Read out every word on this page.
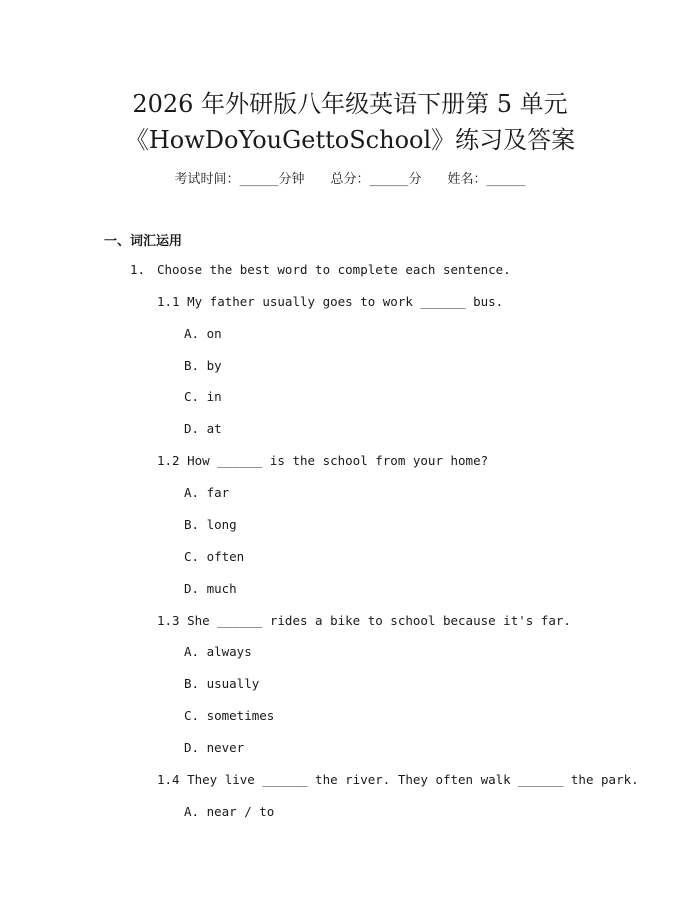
2026 年外研版八年级英语下册第 5 单元
《HowDoYouGettoSchool》练习及答案
考试时间：______分钟 总分：______分 姓名：______
一、词汇运用
1. Choose the best word to complete each sentence.
1.1 My father usually goes to work ______ bus.
A. on
B. by
C. in
D. at
1.2 How ______ is the school from your home?
A. far
B. long
C. often
D. much
1.3 She ______ rides a bike to school because it's far.
A. always
B. usually
C. sometimes
D. never
1.4 They live ______ the river. They often walk ______ the park.
A. near / to
